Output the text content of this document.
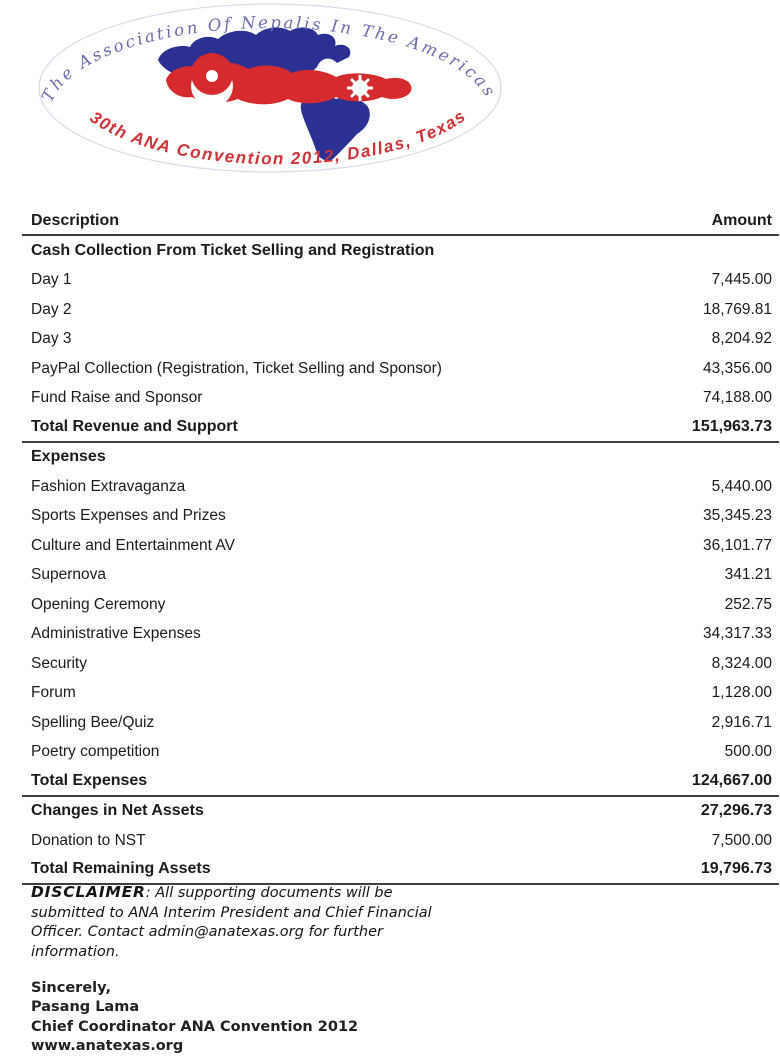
The Association Of Nepalis In The Americas
30th ANA Convention 2012, Dallas, Texas
Description	Amount
Cash Collection From Ticket Selling and Registration
Day 1	7,445.00
Day 2	18,769.81
Day 3	8,204.92
PayPal Collection (Registration, Ticket Selling and Sponsor)	43,356.00
Fund Raise and Sponsor	74,188.00
Total Revenue and Support	151,963.73
Expenses
Fashion Extravaganza	5,440.00
Sports Expenses and Prizes	35,345.23
Culture and Entertainment AV	36,101.77
Supernova	341.21
Opening Ceremony	252.75
Administrative Expenses	34,317.33
Security	8,324.00
Forum	1,128.00
Spelling Bee/Quiz	2,916.71
Poetry competition	500.00
Total Expenses	124,667.00
Changes in Net Assets	27,296.73
Donation to NST	7,500.00
Total Remaining Assets	19,796.73
DISCLAIMER: All supporting documents will be
submitted to ANA Interim President and Chief Financial
Officer. Contact admin@anatexas.org for further
information.
Sincerely,
Pasang Lama
Chief Coordinator ANA Convention 2012
www.anatexas.org
